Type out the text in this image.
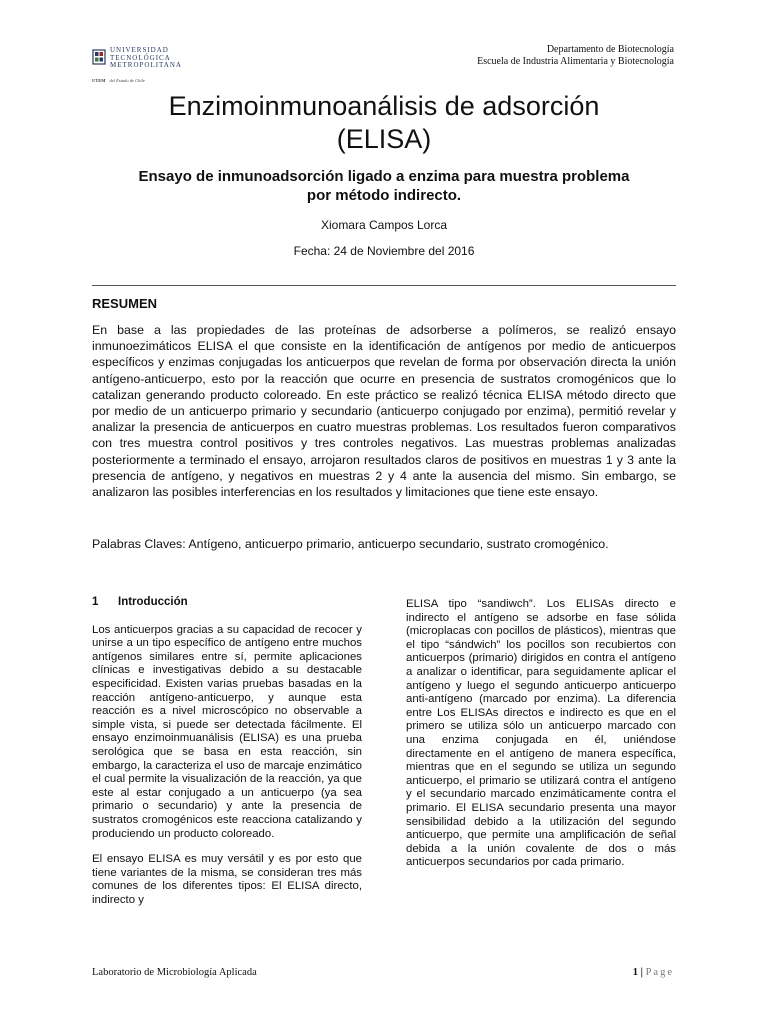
UNIVERSIDAD
TECNOLÓGICA
METROPOLITANA
UTEM del Estado de Chile
Departamento de Biotecnología
Escuela de Industria Alimentaria y Biotecnología
Enzimoinmunoanálisis de adsorción
(ELISA)
Ensayo de inmunoadsorción ligado a enzima para muestra problema
por método indirecto.
Xiomara Campos Lorca
Fecha: 24 de Noviembre del 2016
RESUMEN

En base a las propiedades de las proteínas de adsorberse a polímeros, se realizó ensayo inmunoezimáticos ELISA el que consiste en la identificación de antígenos por medio de anticuerpos específicos y enzimas conjugadas los anticuerpos que revelan de forma por observación directa la unión antígeno-anticuerpo, esto por la reacción que ocurre en presencia de sustratos cromogénicos que lo catalizan generando producto coloreado. En este práctico se realizó técnica ELISA método directo que por medio de un anticuerpo primario y secundario (anticuerpo conjugado por enzima), permitió revelar y analizar la presencia de anticuerpos en cuatro muestras problemas. Los resultados fueron comparativos con tres muestra control positivos y tres controles negativos. Las muestras problemas analizadas posteriormente a terminado el ensayo, arrojaron resultados claros de positivos en muestras 1 y 3 ante la presencia de antígeno, y negativos en muestras 2 y 4 ante la ausencia del mismo. Sin embargo, se analizaron las posibles interferencias en los resultados y limitaciones que tiene este ensayo.

Palabras Claves: Antígeno, anticuerpo primario, anticuerpo secundario, sustrato cromogénico.

1	Introducción

Los anticuerpos gracias a su capacidad de recocer y unirse a un tipo específico de antígeno entre muchos antígenos similares entre sí, permite aplicaciones clínicas e investigativas debido a su destacable especificidad. Existen varias pruebas basadas en la reacción antígeno-anticuerpo, y aunque esta reacción es a nivel microscópico no observable a simple vista, si puede ser detectada fácilmente. El ensayo enzimoinmuanálisis (ELISA) es una prueba serológica que se basa en esta reacción, sin embargo, la caracteriza el uso de marcaje enzimático el cual permite la visualización de la reacción, ya que este al estar conjugado a un anticuerpo (ya sea primario o secundario) y ante la presencia de sustratos cromogénicos este reacciona catalizando y produciendo un producto coloreado.

El ensayo ELISA es muy versátil y es por esto que tiene variantes de la misma, se consideran tres más comunes de los diferentes tipos: El ELISA directo, indirecto y

ELISA tipo “sandiwch”. Los ELISAs directo e indirecto el antígeno se adsorbe en fase sólida (microplacas con pocillos de plásticos), mientras que el tipo “sándwich” los pocillos son recubiertos con anticuerpos (primario) dirigidos en contra el antígeno a analizar o identificar, para seguidamente aplicar el antígeno y luego el segundo anticuerpo anticuerpo anti-antígeno (marcado por enzima). La diferencia entre Los ELISAs directos e indirecto es que en el primero se utiliza sólo un anticuerpo marcado con una enzima conjugada en él, uniéndose directamente en el antígeno de manera específica, mientras que en el segundo se utiliza un segundo anticuerpo, el primario se utilizará contra el antígeno y el secundario marcado enzimáticamente contra el primario. El ELISA secundario presenta una mayor sensibilidad debido a la utilización del segundo anticuerpo, que permite una amplificación de señal debida a la unión covalente de dos o más anticuerpos secundarios por cada primario.

Laboratorio de Microbiología Aplicada	1 | Page
